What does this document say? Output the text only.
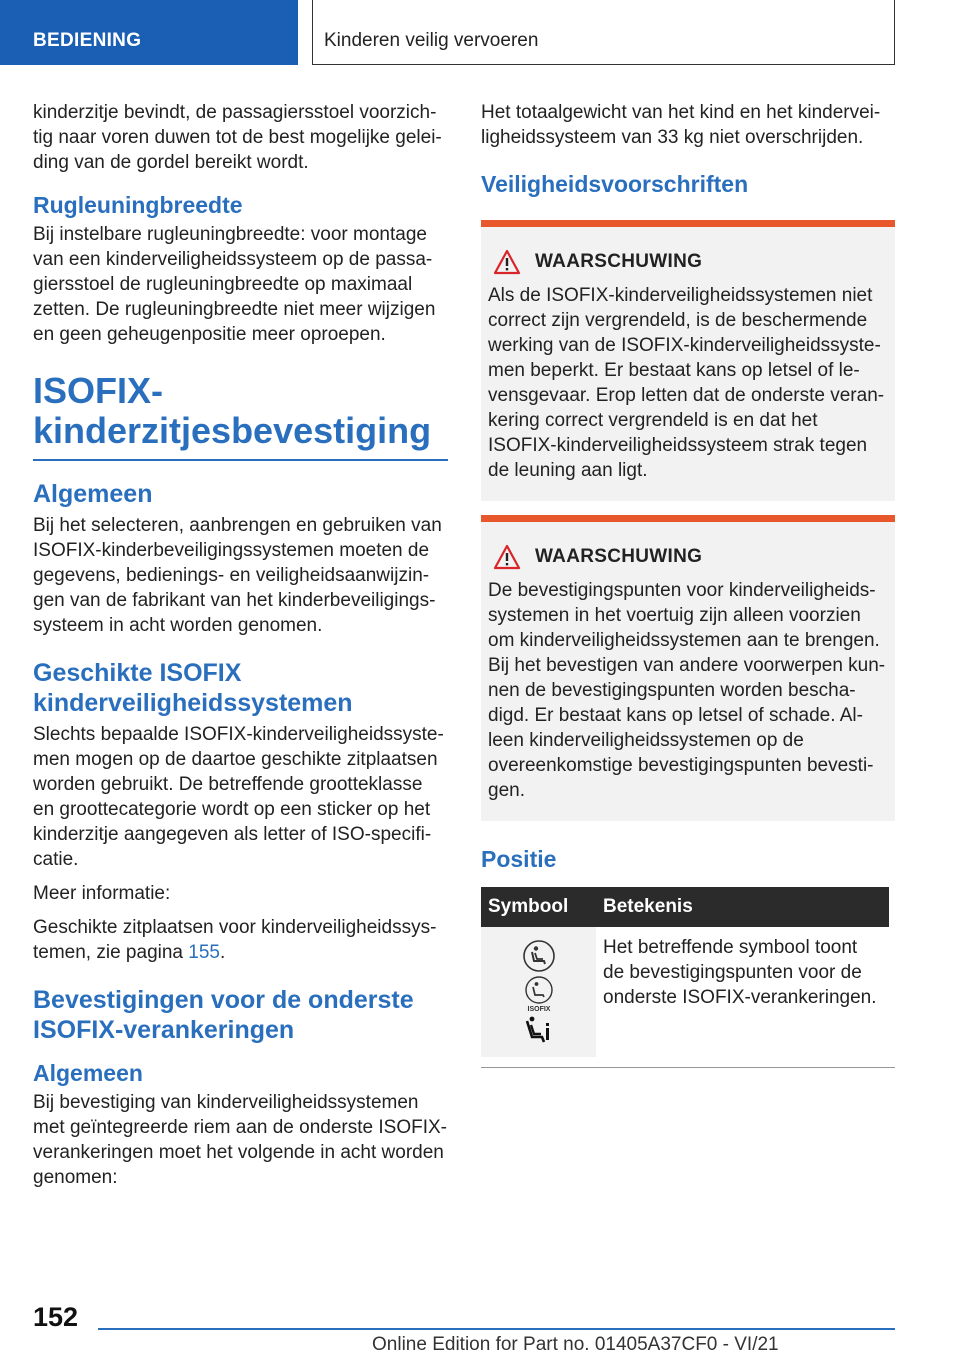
BEDIENING	Kinderen veilig vervoeren

kinderzitje bevindt, de passagiersstoel voorzich-tig naar voren duwen tot de best mogelijke gelei-ding van de gordel bereikt wordt.

Rugleuningbreedte

Bij instelbare rugleuningbreedte: voor montage van een kinderveiligheidssysteem op de passa-giersstoel de rugleuningbreedte op maximaal zetten. De rugleuningbreedte niet meer wijzigen en geen geheugenpositie meer oproepen.

ISOFIX-kinderzitjesbevestiging
Algemeen

Bij het selecteren, aanbrengen en gebruiken van ISOFIX-kinderbeveiligingssystemen moeten de gegevens, bedienings- en veiligheidsaanwijzin-gen van de fabrikant van het kinderbeveiligings-systeem in acht worden genomen.

Geschikte ISOFIX kinderveiligheidssystemen

Slechts bepaalde ISOFIX-kinderveiligheidssyste-men mogen op de daartoe geschikte zitplaatsen worden gebruikt. De betreffende grootteklasse en groottecategorie wordt op een sticker op het kinderzitje aangegeven als letter of ISO-specifi-catie.

Meer informatie:

Geschikte zitplaatsen voor kinderveiligheidssys-temen, zie pagina 155.

Bevestigingen voor de onderste ISOFIX-verankeringen
Algemeen

Bij bevestiging van kinderveiligheidssystemen met geïntegreerde riem aan de onderste ISOFIX-verankeringen moet het volgende in acht worden genomen:

Het totaalgewicht van het kind en het kindervei-ligheidssysteem van 33 kg niet overschrijden.

Veiligheidsvoorschriften
WAARSCHUWING

Als de ISOFIX-kinderveiligheidssystemen niet correct zijn vergrendeld, is de beschermende werking van de ISOFIX-kinderveiligheidssyste-men beperkt. Er bestaat kans op letsel of le-vensgevaar. Erop letten dat de onderste veran-kering correct vergrendeld is en dat het ISOFIX-kinderveiligheidssysteem strak tegen de leuning aan ligt.

WAARSCHUWING

De bevestigingspunten voor kinderveiligheids-systemen in het voertuig zijn alleen voorzien om kinderveiligheidssystemen aan te brengen. Bij het bevestigen van andere voorwerpen kun-nen de bevestigingspunten worden bescha-digd. Er bestaat kans op letsel of schade. Al-leen kinderveiligheidssystemen op de overeenkomstige bevestigingspunten bevesti-gen.

Positie
Symbool	Betekenis

ISOFIX	Het betreffende symbool toont de bevestigingspunten voor de onderste ISOFIX-verankeringen.
152
Online Edition for Part no. 01405A37CF0 - VI/21
